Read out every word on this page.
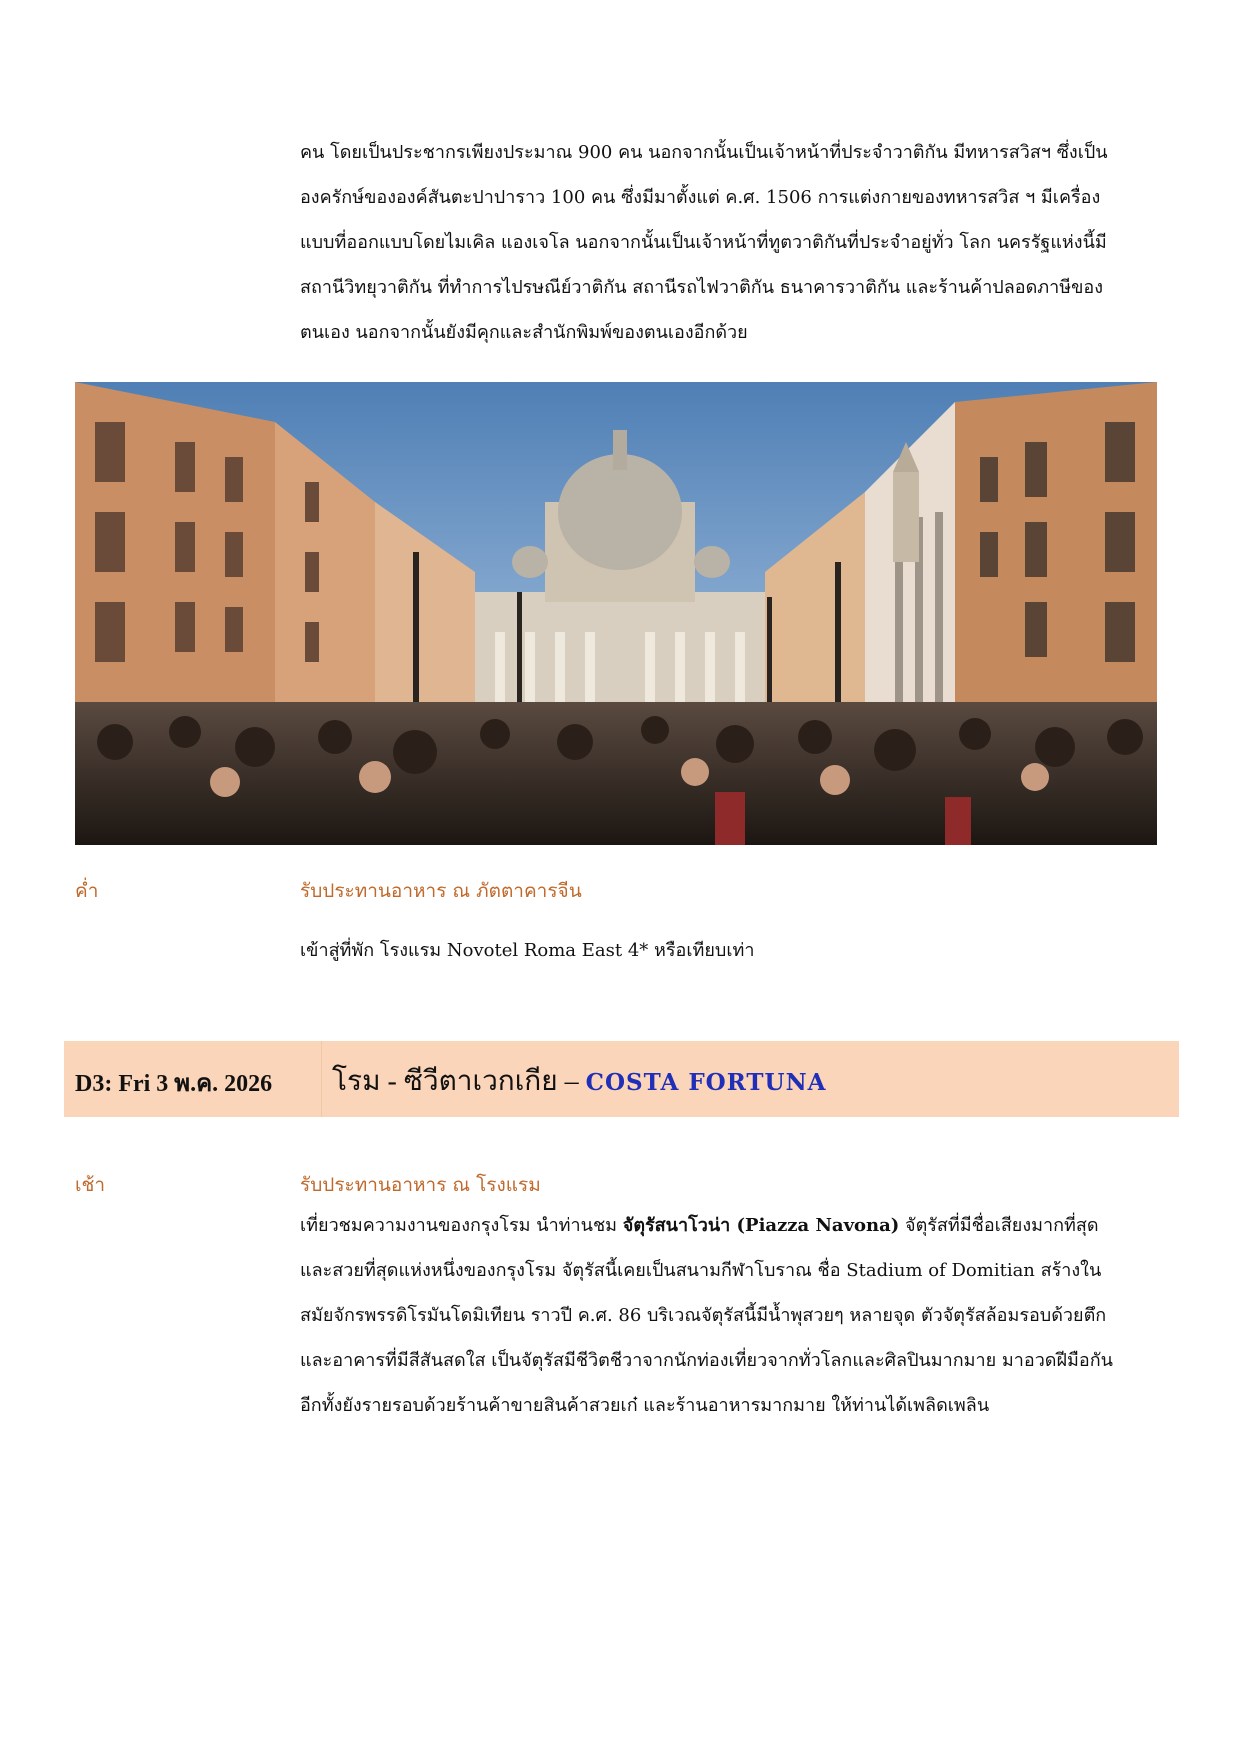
คน โดยเป็นประชากรเพียงประมาณ 900 คน นอกจากนั้นเป็นเจ้าหน้าที่ประจำวาติกัน มีทหารสวิสฯ ซึ่งเป็นองครักษ์ขององค์สันตะปาปาราว 100 คน ซึ่งมีมาตั้งแต่ ค.ศ. 1506 การแต่งกายของทหารสวิส ฯ มีเครื่องแบบที่ออกแบบโดยไมเคิล แองเจโล นอกจากนั้นเป็นเจ้าหน้าที่ทูตวาติกันที่ประจำอยู่ทั่ว โลก นครรัฐแห่งนี้มีสถานีวิทยุวาติกัน ที่ทำการไปรษณีย์วาติกัน สถานีรถไฟวาติกัน ธนาคารวาติกัน และร้านค้าปลอดภาษีของตนเอง นอกจากนั้นยังมีคุกและสำนักพิมพ์ของตนเองอีกด้วย

ค่ำ	รับประทานอาหาร ณ ภัตตาคารจีน
เข้าสู่ที่พัก โรงแรม Novotel Roma East 4* หรือเทียบเท่า
D3: Fri 3 พ.ค. 2026 โรม - ซีวีตาเวกเกีย – COSTA FORTUNA
เช้า	รับประทานอาหาร ณ โรงแรม

เที่ยวชมความงานของกรุงโรม นำท่านชม จัตุรัสนาโวน่า (Piazza Navona) จัตุรัสที่มีชื่อเสียงมากที่สุดและสวยที่สุดแห่งหนึ่งของกรุงโรม จัตุรัสนี้เคยเป็นสนามกีฬาโบราณ ชื่อ Stadium of Domitian สร้างในสมัยจักรพรรดิโรมันโดมิเทียน ราวปี ค.ศ. 86 บริเวณจัตุรัสนี้มีน้ำพุสวยๆ หลายจุด ตัวจัตุรัสล้อมรอบด้วยตึกและอาคารที่มีสีสันสดใส เป็นจัตุรัสมีชีวิตชีวาจากนักท่องเที่ยวจากทั่วโลกและศิลปินมากมาย มาอวดฝีมือกัน อีกทั้งยังรายรอบด้วยร้านค้าขายสินค้าสวยเก๋ และร้านอาหารมากมาย ให้ท่านได้เพลิดเพลิน
